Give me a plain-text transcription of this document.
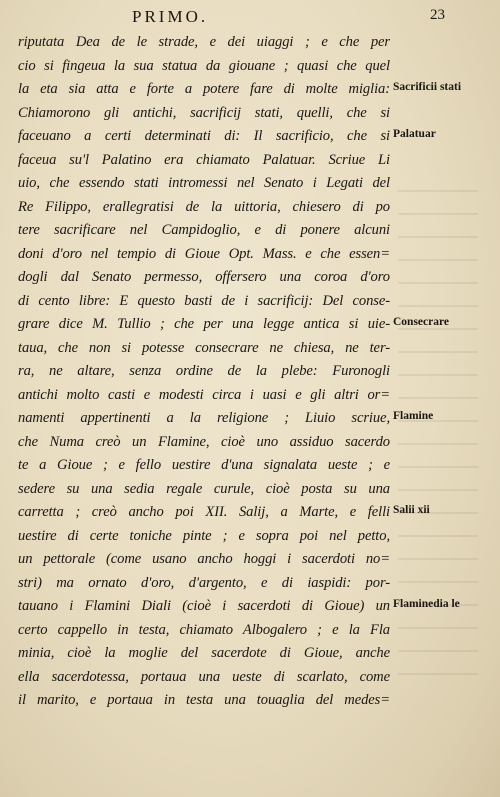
PRIMO.	23
riputata Dea de le strade, e dei uiaggi ; e che per
cio si fingeua la sua statua da giouane ; quasi che quel
la eta sia atta e forte a potere fare di molte miglia:
Chiamorono gli antichi, sacrificij stati, quelli, che si
faceuano a certi determinati di: Il sacrificio, che si
faceua su'l Palatino era chiamato Palatuar. Scriue Li
uio, che essendo stati intromessi nel Senato i Legati del
Re Filippo, erallegratisi de la uittoria, chiesero di po
tere sacrificare nel Campidoglio, e di ponere alcuni
doni d'oro nel tempio di Gioue Opt. Mass. e che essen=
dogli dal Senato permesso, offersero una coroa d'oro
di cento libre: E questo basti de i sacrificij: Del conse-
grare dice M. Tullio ; che per una legge antica si uie-
taua, che non si potesse consecrare ne chiesa, ne ter-
ra, ne altare, senza ordine de la plebe: Furonogli
antichi molto casti e modesti circa i uasi e gli altri or=
namenti appertinenti a la religione ; Liuio scriue,
che Numa creò un Flamine, cioè uno assiduo sacerdo
te a Gioue ; e fello uestire d'una signalata ueste ; e
sedere su una sedia regale curule, cioè posta su una
carretta ; creò ancho poi XII. Salij, a Marte, e felli
uestire di certe toniche pinte ; e sopra poi nel petto,
un pettorale (come usano ancho hoggi i sacerdoti no=
stri) ma ornato d'oro, d'argento, e di iaspidi: por-
tauano i Flamini Diali (cioè i sacerdoti di Gioue) un
certo cappello in testa, chiamato Albogalero ; e la Fla
minia, cioè la moglie del sacerdote di Gioue, anche
ella sacerdotessa, portaua una ueste di scarlato, come
il marito, e portaua in testa una touaglia del medes=
Sacrificii stati
Palatuar
Consecrare
Flamine
Salii xii
Flaminedia le
